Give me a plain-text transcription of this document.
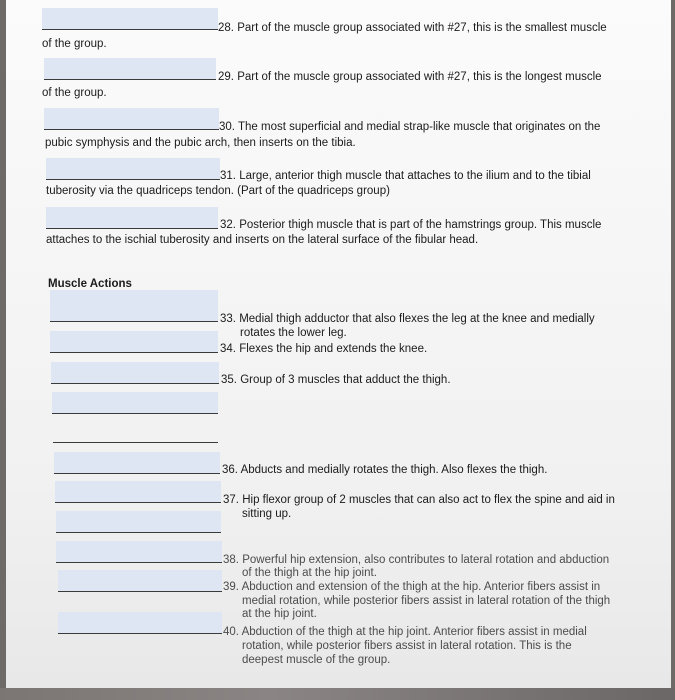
28. Part of the muscle group associated with #27, this is the smallest muscle
of the group.
29. Part of the muscle group associated with #27, this is the longest muscle
of the group.
30. The most superficial and medial strap-like muscle that originates on the
pubic symphysis and the pubic arch, then inserts on the tibia.
31. Large, anterior thigh muscle that attaches to the ilium and to the tibial
tuberosity via the quadriceps tendon. (Part of the quadriceps group)
32. Posterior thigh muscle that is part of the hamstrings group. This muscle
attaches to the ischial tuberosity and inserts on the lateral surface of the fibular head.
Muscle Actions
33. Medial thigh adductor that also flexes the leg at the knee and medially
rotates the lower leg.
34. Flexes the hip and extends the knee.
35. Group of 3 muscles that adduct the thigh.
36. Abducts and medially rotates the thigh. Also flexes the thigh.
37. Hip flexor group of 2 muscles that can also act to flex the spine and aid in
sitting up.
38. Powerful hip extension, also contributes to lateral rotation and abduction
of the thigh at the hip joint.
39. Abduction and extension of the thigh at the hip. Anterior fibers assist in
medial rotation, while posterior fibers assist in lateral rotation of the thigh
at the hip joint.
40. Abduction of the thigh at the hip joint. Anterior fibers assist in medial
rotation, while posterior fibers assist in lateral rotation. This is the
deepest muscle of the group.
